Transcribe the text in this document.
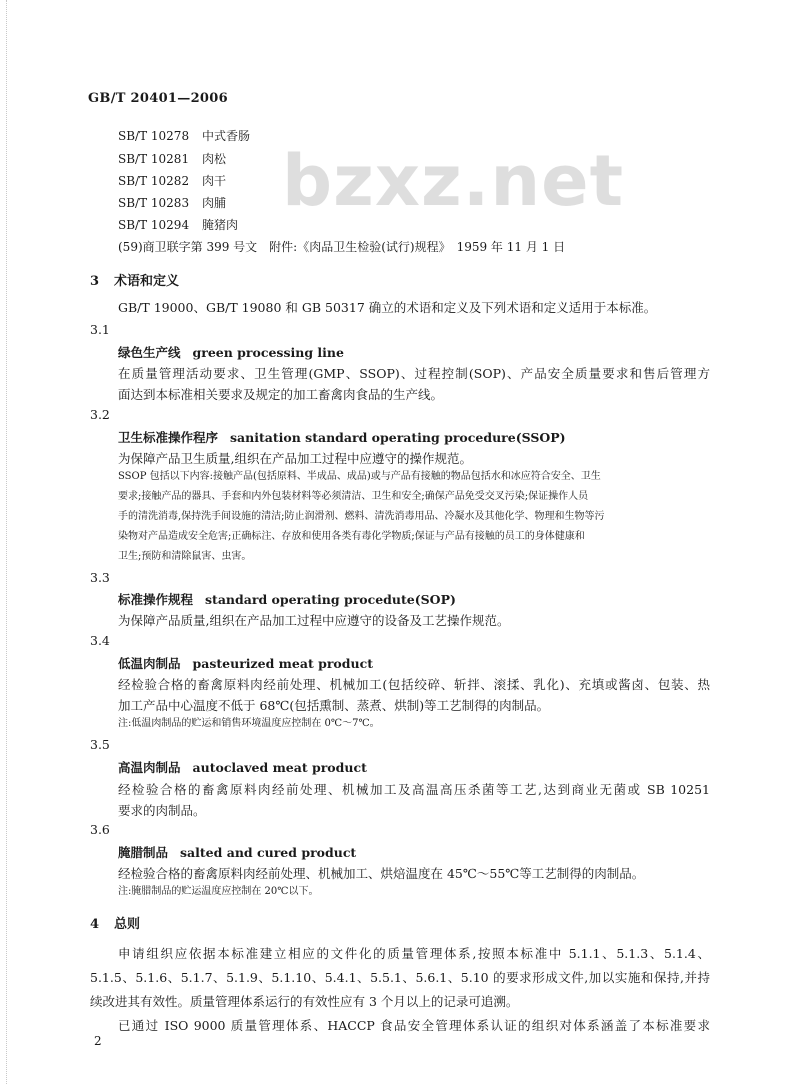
GB/T 20401—2006
bzxz.net
SB/T 10278 中式香肠
SB/T 10281 肉松
SB/T 10282 肉干
SB/T 10283 肉脯
SB/T 10294 腌猪肉
(59)商卫联字第 399 号文　附件:《肉品卫生检验(试行)规程》　1959 年 11 月 1 日
3 术语和定义
GB/T 19000、GB/T 19080 和 GB 50317 确立的术语和定义及下列术语和定义适用于本标准。
3.1
绿色生产线 green processing line
在质量管理活动要求、卫生管理(GMP、SSOP)、过程控制(SOP)、产品安全质量要求和售后管理方
面达到本标准相关要求及规定的加工畜禽肉食品的生产线。
3.2
卫生标准操作程序 sanitation standard operating procedure(SSOP)
为保障产品卫生质量,组织在产品加工过程中应遵守的操作规范。
SSOP 包括以下内容:接触产品(包括原料、半成品、成品)或与产品有接触的物品包括水和冰应符合安全、卫生
要求;接触产品的器具、手套和内外包装材料等必须清洁、卫生和安全;确保产品免受交叉污染;保证操作人员
手的清洗消毒,保持洗手间设施的清洁;防止润滑剂、燃料、清洗消毒用品、冷凝水及其他化学、物理和生物等污
染物对产品造成安全危害;正确标注、存放和使用各类有毒化学物质;保证与产品有接触的员工的身体健康和
卫生;预防和清除鼠害、虫害。
3.3
标准操作规程 standard operating procedute(SOP)
为保障产品质量,组织在产品加工过程中应遵守的设备及工艺操作规范。
3.4
低温肉制品 pasteurized meat product
经检验合格的畜禽原料肉经前处理、机械加工(包括绞碎、斩拌、滚揉、乳化)、充填或酱卤、包装、热
加工产品中心温度不低于 68℃(包括熏制、蒸煮、烘制)等工艺制得的肉制品。
注:低温肉制品的贮运和销售环境温度应控制在 0℃～7℃。
3.5
高温肉制品 autoclaved meat product
经检验合格的畜禽原料肉经前处理、机械加工及高温高压杀菌等工艺,达到商业无菌或 SB 10251
要求的肉制品。
3.6
腌腊制品 salted and cured product
经检验合格的畜禽原料肉经前处理、机械加工、烘焙温度在 45℃～55℃等工艺制得的肉制品。
注:腌腊制品的贮运温度应控制在 20℃以下。
4 总则
申请组织应依据本标准建立相应的文件化的质量管理体系,按照本标准中 5.1.1、5.1.3、5.1.4、
5.1.5、5.1.6、5.1.7、5.1.9、5.1.10、5.4.1、5.5.1、5.6.1、5.10 的要求形成文件,加以实施和保持,并持
续改进其有效性。质量管理体系运行的有效性应有 3 个月以上的记录可追溯。
已通过 ISO 9000 质量管理体系、HACCP 食品安全管理体系认证的组织对体系涵盖了本标准要求
2
